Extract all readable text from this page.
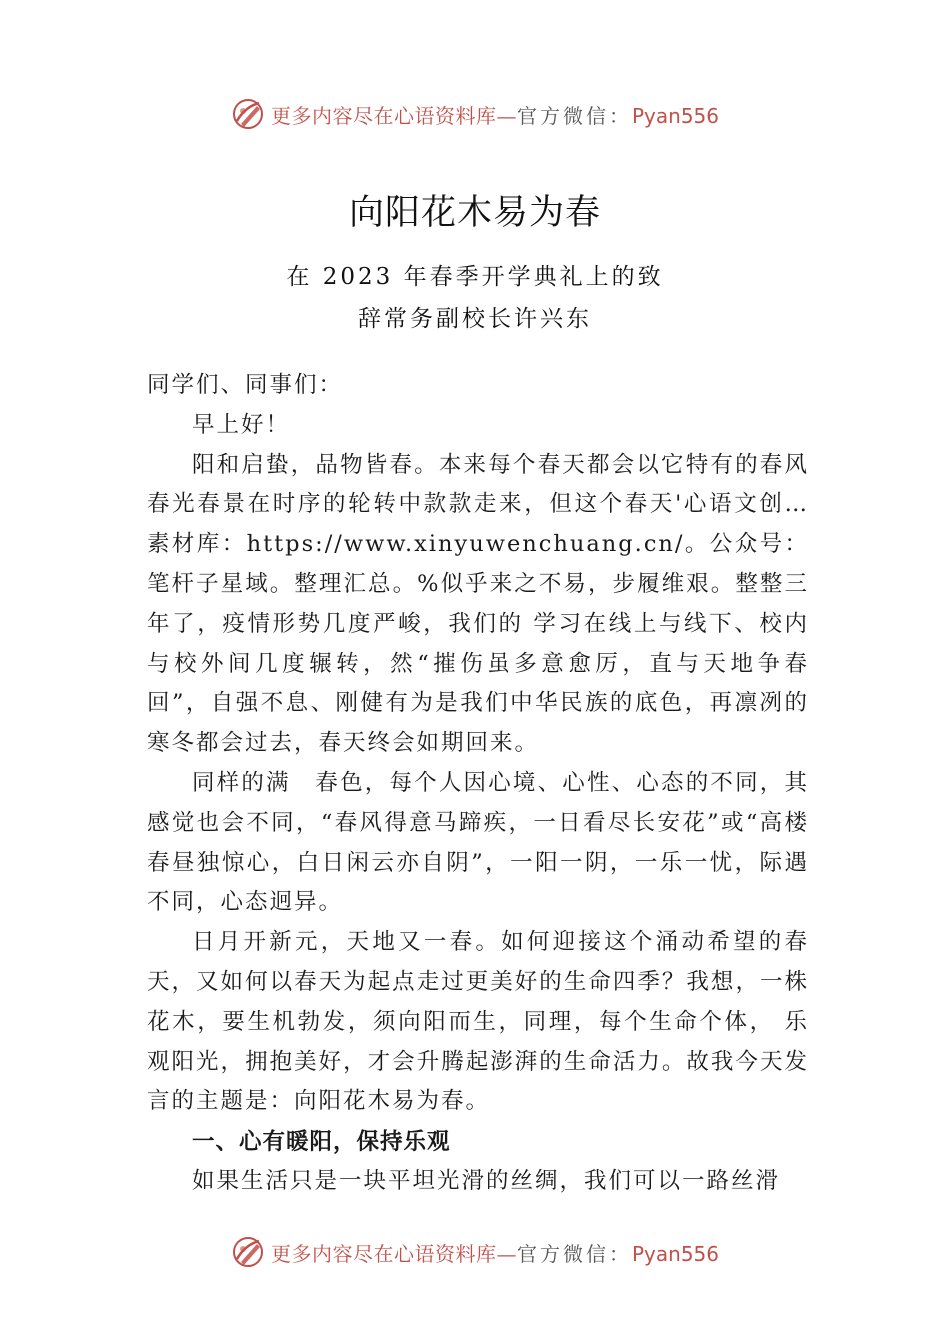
更多内容尽在心语资料库—官方微信：Pyan556
向阳花木易为春
在 2023 年春季开学典礼上的致
辞常务副校长许兴东

同学们、同事们：

早上好！

阳和启蛰，品物皆春。本来每个春天都会以它特有的春风春光春景在时序的轮转中款款走来，但这个春天'心语文创…素材库：https://www.xinyuwenchuang.cn/。公众号：笔杆子星域。整理汇总。%似乎来之不易，步履维艰。整整三年了，疫情形势几度严峻，我们的 学习在线上与线下、校内与校外间几度辗转，然“摧伤虽多意愈厉，直与天地争春回”，自强不息、刚健有为是我们中华民族的底色，再凛冽的寒冬都会过去，春天终会如期回来。

同样的满　春色，每个人因心境、心性、心态的不同，其感觉也会不同，“春风得意马蹄疾，一日看尽长安花”或“高楼春昼独惊心，白日闲云亦自阴”，一阳一阴，一乐一忧，际遇不同，心态迥异。

日月开新元，天地又一春。如何迎接这个涌动希望的春天，又如何以春天为起点走过更美好的生命四季？我想，一株花木，要生机勃发，须向阳而生，同理，每个生命个体， 乐观阳光，拥抱美好，才会升腾起澎湃的生命活力。故我今天发言的主题是：向阳花木易为春。

一、心有暖阳，保持乐观

如果生活只是一块平坦光滑的丝绸，我们可以一路丝滑

更多内容尽在心语资料库—官方微信：Pyan556
